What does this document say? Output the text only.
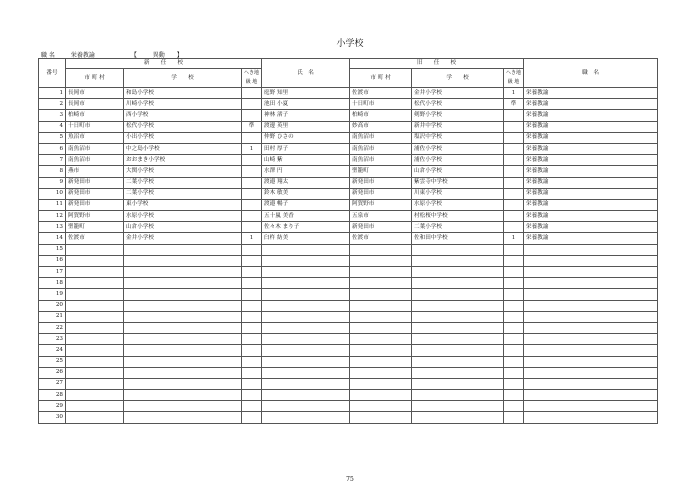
小学校
職 名	栄養教諭	【	異動 】
番号	新　　任　　校			氏　名	旧　　任　　校			職　名
	市 町 村	学　　校	へき地
級 地		市 町 村	学　　校	へき地
級 地	
1	長岡市	和島小学校		庭野 知里	佐渡市	金井小学校	1	栄養教諭
2	長岡市	川崎小学校		池田 小夏	十日町市	松代小学校	準	栄養教諭
3	柏崎市	西小学校		神林 渚子	柏崎市	剣野小学校		栄養教諭
4	十日町市	松代小学校	準	渡邊 英里	妙高市	新井中学校		栄養教諭
5	魚沼市	小出小学校		仲野 ひさの	南魚沼市	塩沢中学校		栄養教諭
6	南魚沼市	中之島小学校	1	田村 厚子	南魚沼市	浦佐小学校		栄養教諭
7	南魚沼市	おおまき小学校		山崎 紫	南魚沼市	浦佐小学校		栄養教諭
8	燕市	大関小学校		水澤 円	聖籠町	山倉小学校		栄養教諭
9	新発田市	二葉小学校		渡邉 翔太	新発田市	紫雲寺中学校		栄養教諭
10	新発田市	二葉小学校		鈴木 敏美	新発田市	川東小学校		栄養教諭
11	新発田市	東小学校		渡邉 暢子	阿賀野市	水原小学校		栄養教諭
12	阿賀野市	水原小学校		五十嵐 美香	五泉市	村松桜中学校		栄養教諭
13	聖籠町	山倉小学校		佐々木 まり子	新発田市	二葉小学校		栄養教諭
14	佐渡市	金井小学校	1	臼杵 紡美	佐渡市	佐和田中学校	1	栄養教諭
15								
16								
17								
18								
19								
20								
21								
22								
23								
24								
25								
26								
27								
28								
29								
30								
75
